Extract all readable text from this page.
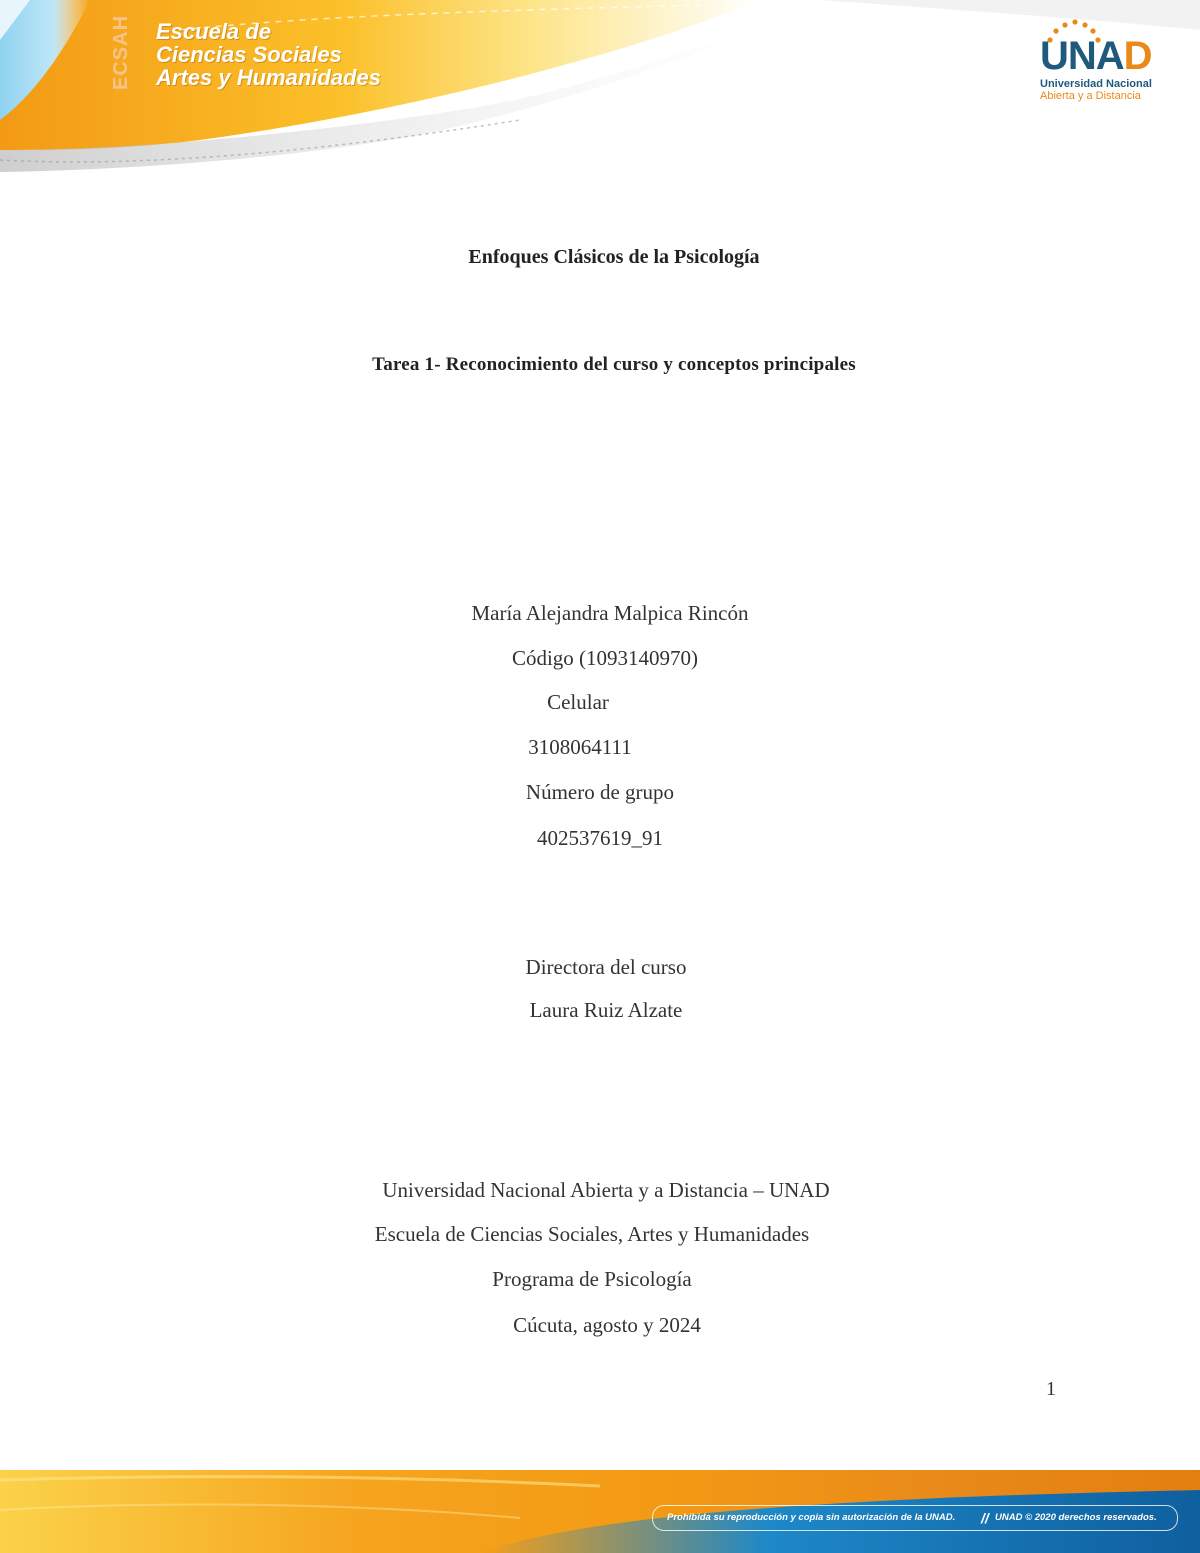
ECSAH Escuela de
Ciencias Sociales
Artes y Humanidades	UNAD
Universidad Nacional
Abierta y a Distancia
Enfoques Clásicos de la Psicología
Tarea 1- Reconocimiento del curso y conceptos principales
María Alejandra Malpica Rincón
Código (1093140970)
Celular
3108064111
Número de grupo
402537619_91
Directora del curso
Laura Ruiz Alzate
Universidad Nacional Abierta y a Distancia – UNAD
Escuela de Ciencias Sociales, Artes y Humanidades
Programa de Psicología
Cúcuta, agosto y 2024
1
Prohibida su reproducción y copia sin autorización de la UNAD. // UNAD © 2020 derechos reservados.
